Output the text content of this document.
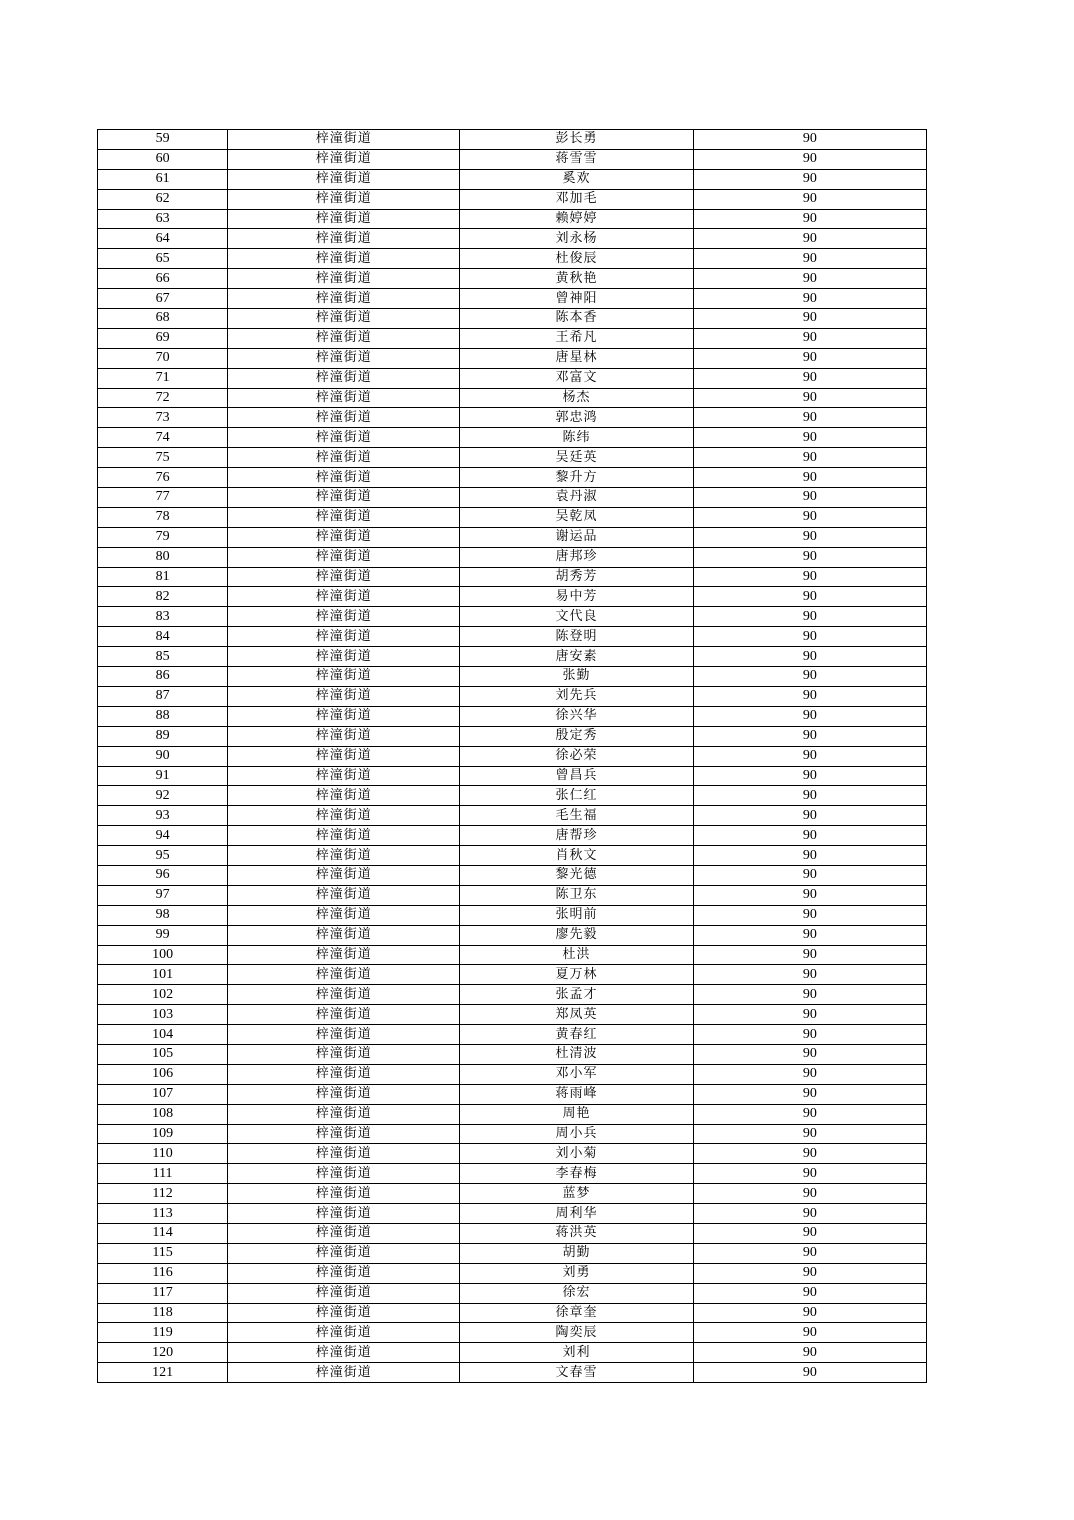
59	梓潼街道	彭长勇	90
60	梓潼街道	蒋雪雪	90
61	梓潼街道	奚欢	90
62	梓潼街道	邓加毛	90
63	梓潼街道	赖婷婷	90
64	梓潼街道	刘永杨	90
65	梓潼街道	杜俊辰	90
66	梓潼街道	黄秋艳	90
67	梓潼街道	曾神阳	90
68	梓潼街道	陈本香	90
69	梓潼街道	王希凡	90
70	梓潼街道	唐星林	90
71	梓潼街道	邓富文	90
72	梓潼街道	杨杰	90
73	梓潼街道	郭忠鸿	90
74	梓潼街道	陈纬	90
75	梓潼街道	吴廷英	90
76	梓潼街道	黎升方	90
77	梓潼街道	袁丹淑	90
78	梓潼街道	吴乾凤	90
79	梓潼街道	谢运品	90
80	梓潼街道	唐邦珍	90
81	梓潼街道	胡秀芳	90
82	梓潼街道	易中芳	90
83	梓潼街道	文代良	90
84	梓潼街道	陈登明	90
85	梓潼街道	唐安素	90
86	梓潼街道	张勤	90
87	梓潼街道	刘先兵	90
88	梓潼街道	徐兴华	90
89	梓潼街道	殷定秀	90
90	梓潼街道	徐必荣	90
91	梓潼街道	曾昌兵	90
92	梓潼街道	张仁红	90
93	梓潼街道	毛生福	90
94	梓潼街道	唐帮珍	90
95	梓潼街道	肖秋文	90
96	梓潼街道	黎光德	90
97	梓潼街道	陈卫东	90
98	梓潼街道	张明前	90
99	梓潼街道	廖先毅	90
100	梓潼街道	杜洪	90
101	梓潼街道	夏万林	90
102	梓潼街道	张孟才	90
103	梓潼街道	郑凤英	90
104	梓潼街道	黄春红	90
105	梓潼街道	杜清波	90
106	梓潼街道	邓小军	90
107	梓潼街道	蒋雨峰	90
108	梓潼街道	周艳	90
109	梓潼街道	周小兵	90
110	梓潼街道	刘小菊	90
111	梓潼街道	李春梅	90
112	梓潼街道	蓝梦	90
113	梓潼街道	周利华	90
114	梓潼街道	蒋洪英	90
115	梓潼街道	胡勤	90
116	梓潼街道	刘勇	90
117	梓潼街道	徐宏	90
118	梓潼街道	徐章奎	90
119	梓潼街道	陶奕辰	90
120	梓潼街道	刘利	90
121	梓潼街道	文春雪	90
